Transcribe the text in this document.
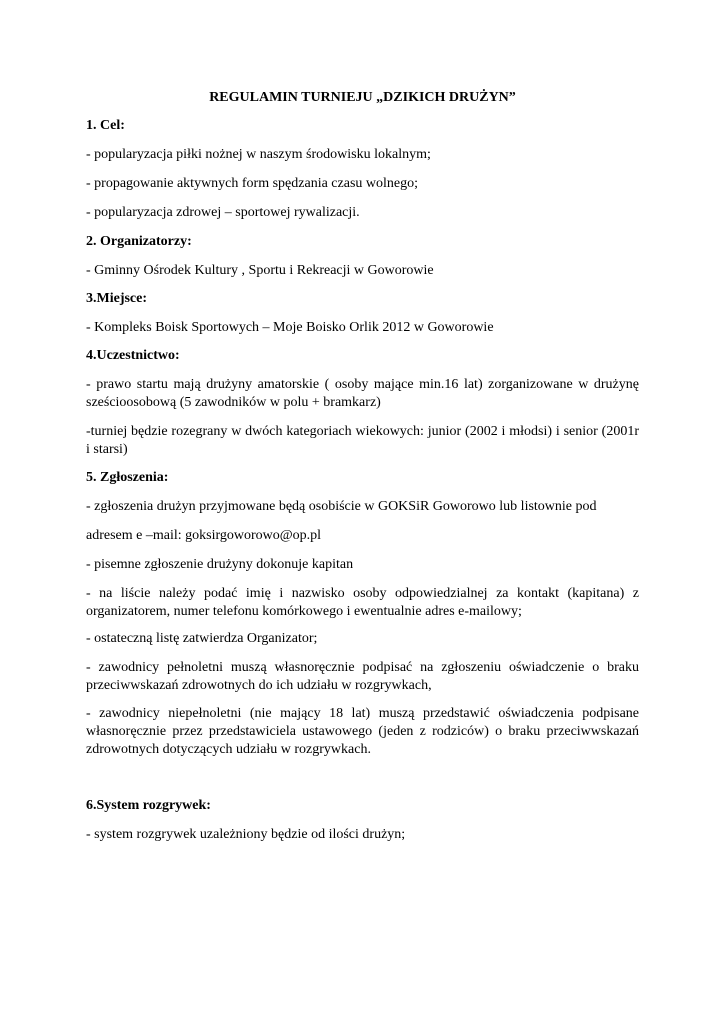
REGULAMIN TURNIEJU „DZIKICH DRUŻYN”

1. Cel:

- popularyzacja piłki nożnej w naszym środowisku lokalnym;

- propagowanie aktywnych form spędzania czasu wolnego;

- popularyzacja zdrowej – sportowej rywalizacji.

2. Organizatorzy:

- Gminny Ośrodek Kultury , Sportu i Rekreacji w Goworowie

3.Miejsce:

- Kompleks Boisk Sportowych – Moje Boisko Orlik 2012 w Goworowie

4.Uczestnictwo:

- prawo startu mają drużyny amatorskie ( osoby mające min.16 lat) zorganizowane w drużynę sześcioosobową (5 zawodników w polu + bramkarz)

-turniej będzie rozegrany w dwóch kategoriach wiekowych: junior (2002 i młodsi) i senior (2001r i starsi)

5. Zgłoszenia:

- zgłoszenia drużyn przyjmowane będą osobiście w GOKSiR Goworowo lub listownie pod

adresem e –mail: goksirgoworowo@op.pl

- pisemne zgłoszenie drużyny dokonuje kapitan

- na liście należy podać imię i nazwisko osoby odpowiedzialnej za kontakt (kapitana) z organizatorem, numer telefonu komórkowego i ewentualnie adres e-mailowy;

- ostateczną listę zatwierdza Organizator;

- zawodnicy pełnoletni muszą własnoręcznie podpisać na zgłoszeniu oświadczenie o braku przeciwwskazań zdrowotnych do ich udziału w rozgrywkach,

- zawodnicy niepełnoletni (nie mający 18 lat) muszą przedstawić oświadczenia podpisane własnoręcznie przez przedstawiciela ustawowego (jeden z rodziców) o braku przeciwwskazań zdrowotnych dotyczących udziału w rozgrywkach.

6.System rozgrywek:

- system rozgrywek uzależniony będzie od ilości drużyn;
